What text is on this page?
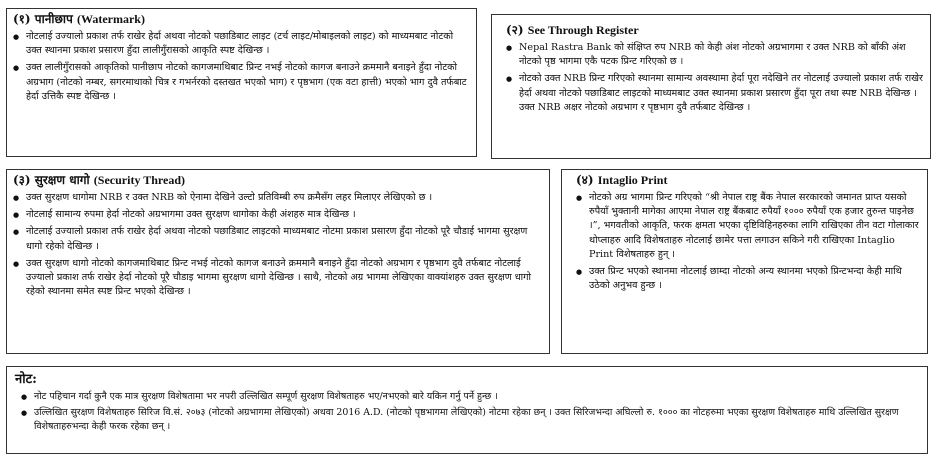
(१) पानीछाप (Watermark)
● नोटलाई उज्यालो प्रकाश तर्फ राखेर हेर्दा अथवा नोटको पछाडिबाट लाइट (टर्च लाइट/मोबाइलको लाइट) को माध्यमबाट नोटको उक्त स्थानमा प्रकाश प्रसारण हुँदा लालीगुँरासको आकृति स्पष्ट देखिन्छ ।
● उक्त लालीगुँरासको आकृतिको पानीछाप नोटको कागजमाथिबाट प्रिन्ट नभई नोटको कागज बनाउने क्रममानै बनाइने हुँदा नोटको अग्रभाग (नोटको नम्बर, सगरमाथाको चित्र र गभर्नरको दस्तखत भएको भाग) र पृष्ठभाग (एक वटा हात्ती) भएको भाग दुवै तर्फबाट हेर्दा उत्तिकै स्पष्ट देखिन्छ ।
(२) See Through Register
● Nepal Rastra Bank को संक्षिप्त रुप NRB को केही अंश नोटको अग्रभागमा र उक्त NRB को बाँकी अंश नोटको पृष्ठ भागमा एकै पटक प्रिन्ट गरिएको छ ।
● नोटको उक्त NRB प्रिन्ट गरिएको स्थानमा सामान्य अवस्थामा हेर्दा पूरा नदेखिने तर नोटलाई उज्यालो प्रकाश तर्फ राखेर हेर्दा अथवा नोटको पछाडिबाट लाइटको माध्यमबाट उक्त स्थानमा प्रकाश प्रसारण हुँदा पूरा तथा स्पष्ट NRB देखिन्छ । उक्त NRB अक्षर नोटको अग्रभाग र पृष्ठभाग दुवै तर्फबाट देखिन्छ ।
(३) सुरक्षण धागो (Security Thread)
● उक्त सुरक्षण धागोमा NRB र उक्त NRB को ऐनामा देखिने उल्टो प्रतिविम्बी रुप क्रमैसँग लहर मिलाएर लेखिएको छ ।
● नोटलाई सामान्य रुपमा हेर्दा नोटको अग्रभागमा उक्त सुरक्षण धागोका केही अंशहरु मात्र देखिन्छ ।
● नोटलाई उज्यालो प्रकाश तर्फ राखेर हेर्दा अथवा नोटको पछाडिबाट लाइटको माध्यमबाट नोटमा प्रकाश प्रसारण हुँदा नोटको पूरै चौडाई भागमा सुरक्षण धागो रहेको देखिन्छ ।
● उक्त सुरक्षण धागो नोटको कागजमाथिबाट प्रिन्ट नभई नोटको कागज बनाउने क्रममानै बनाइने हुँदा नोटको अग्रभाग र पृष्ठभाग दुवै तर्फबाट नोटलाई उज्यालो प्रकाश तर्फ राखेर हेर्दा नोटको पूरै चौडाइ भागमा सुरक्षण धागो देखिन्छ । साथै, नोटको अग्र भागमा लेखिएका वाक्यांशहरु उक्त सुरक्षण धागो रहेको स्थानमा समेत स्पष्ट प्रिन्ट भएको देखिन्छ ।
(४) Intaglio Print
● नोटको अग्र भागमा प्रिन्ट गरिएको “श्री नेपाल राष्ट्र बैंक नेपाल सरकारको जमानत प्राप्त यसको रुपैयाँ भुक्तानी मागेका आएमा नेपाल राष्ट्र बैंकबाट रुपैयाँ १००० रुपैयाँ एक हजार तुरुन्त पाइनेछ ।”, भगवतीको आकृति, फरक क्षमता भएका दृष्टिविहिनहरुका लागि राखिएका तीन वटा गोलाकार थोप्लाहरु आदि विशेषताहरु नोटलाई छामेर पत्ता लगाउन सकिने गरी राखिएका Intaglio Print विशेषताहरु हुन् ।
● उक्त प्रिन्ट भएको स्थानमा नोटलाई छाम्दा नोटको अन्य स्थानमा भएको प्रिन्टभन्दा केही माथि उठेको अनुभव हुन्छ ।
नोट:
● नोट पहिचान गर्दा कुनै एक मात्र सुरक्षण विशेषतामा भर नपरी उल्लिखित सम्पूर्ण सुरक्षण विशेषताहरु भए/नभएको बारे यकिन गर्नु पर्ने हुन्छ ।
● उल्लिखित सुरक्षण विशेषताहरु सिरिज वि.सं. २०७३ (नोटको अग्रभागमा लेखिएको) अथवा 2016 A.D. (नोटको पृष्ठभागमा लेखिएको) नोटमा रहेका छन् । उक्त सिरिजभन्दा अघिल्लो रु. १००० का नोटहरुमा भएका सुरक्षण विशेषताहरु माथि उल्लिखित सुरक्षण विशेषताहरुभन्दा केही फरक रहेका छन् ।
